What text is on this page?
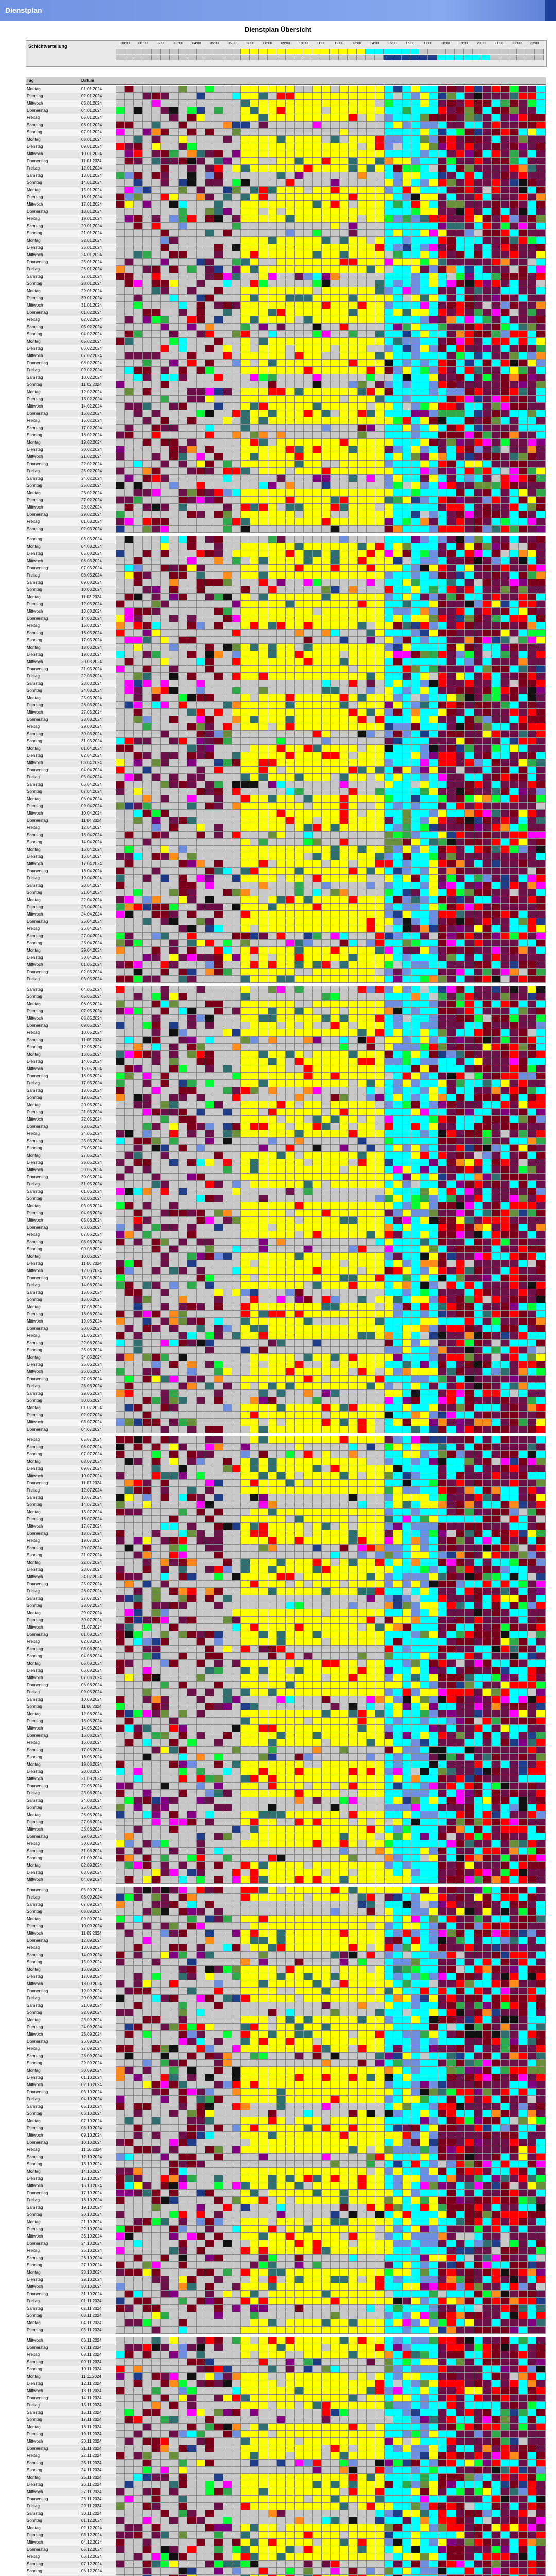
Dienstplan
Dienstplan Übersicht
Schichtverteilung
00:00	01:00	02:00	03:00	04:00	05:00	06:00	07:00	08:00	09:00	10:00	11:00	12:00	13:00	14:00	15:00	16:00	17:00	18:00	19:00	20:00	21:00	22:00	23:00
Tag	Datum
Montag	01.01.2024
Dienstag	02.01.2024
Mittwoch	03.01.2024
Donnerstag	04.01.2024
Freitag	05.01.2024
Samstag	06.01.2024
Sonntag	07.01.2024
Montag	08.01.2024
Dienstag	09.01.2024
Mittwoch	10.01.2024
Donnerstag	11.01.2024
Freitag	12.01.2024
Samstag	13.01.2024
Sonntag	14.01.2024
Montag	15.01.2024
Dienstag	16.01.2024
Mittwoch	17.01.2024
Donnerstag	18.01.2024
Freitag	19.01.2024
Samstag	20.01.2024
Sonntag	21.01.2024
Montag	22.01.2024
Dienstag	23.01.2024
Mittwoch	24.01.2024
Donnerstag	25.01.2024
Freitag	26.01.2024
Samstag	27.01.2024
Sonntag	28.01.2024
Montag	29.01.2024
Dienstag	30.01.2024
Mittwoch	31.01.2024
Donnerstag	01.02.2024
Freitag	02.02.2024
Samstag	03.02.2024
Sonntag	04.02.2024
Montag	05.02.2024
Dienstag	06.02.2024
Mittwoch	07.02.2024
Donnerstag	08.02.2024
Freitag	09.02.2024
Samstag	10.02.2024
Sonntag	11.02.2024
Montag	12.02.2024
Dienstag	13.02.2024
Mittwoch	14.02.2024
Donnerstag	15.02.2024
Freitag	16.02.2024
Samstag	17.02.2024
Sonntag	18.02.2024
Montag	19.02.2024
Dienstag	20.02.2024
Mittwoch	21.02.2024
Donnerstag	22.02.2024
Freitag	23.02.2024
Samstag	24.02.2024
Sonntag	25.02.2024
Montag	26.02.2024
Dienstag	27.02.2024
Mittwoch	28.02.2024
Donnerstag	29.02.2024
Freitag	01.03.2024
Samstag	02.03.2024
Sonntag	03.03.2024
Montag	04.03.2024
Dienstag	05.03.2024
Mittwoch	06.03.2024
Donnerstag	07.03.2024
Freitag	08.03.2024
Samstag	09.03.2024
Sonntag	10.03.2024
Montag	11.03.2024
Dienstag	12.03.2024
Mittwoch	13.03.2024
Donnerstag	14.03.2024
Freitag	15.03.2024
Samstag	16.03.2024
Sonntag	17.03.2024
Montag	18.03.2024
Dienstag	19.03.2024
Mittwoch	20.03.2024
Donnerstag	21.03.2024
Freitag	22.03.2024
Samstag	23.03.2024
Sonntag	24.03.2024
Montag	25.03.2024
Dienstag	26.03.2024
Mittwoch	27.03.2024
Donnerstag	28.03.2024
Freitag	29.03.2024
Samstag	30.03.2024
Sonntag	31.03.2024
Montag	01.04.2024
Dienstag	02.04.2024
Mittwoch	03.04.2024
Donnerstag	04.04.2024
Freitag	05.04.2024
Samstag	06.04.2024
Sonntag	07.04.2024
Montag	08.04.2024
Dienstag	09.04.2024
Mittwoch	10.04.2024
Donnerstag	11.04.2024
Freitag	12.04.2024
Samstag	13.04.2024
Sonntag	14.04.2024
Montag	15.04.2024
Dienstag	16.04.2024
Mittwoch	17.04.2024
Donnerstag	18.04.2024
Freitag	19.04.2024
Samstag	20.04.2024
Sonntag	21.04.2024
Montag	22.04.2024
Dienstag	23.04.2024
Mittwoch	24.04.2024
Donnerstag	25.04.2024
Freitag	26.04.2024
Samstag	27.04.2024
Sonntag	28.04.2024
Montag	29.04.2024
Dienstag	30.04.2024
Mittwoch	01.05.2024
Donnerstag	02.05.2024
Freitag	03.05.2024
Samstag	04.05.2024
Sonntag	05.05.2024
Montag	06.05.2024
Dienstag	07.05.2024
Mittwoch	08.05.2024
Donnerstag	09.05.2024
Freitag	10.05.2024
Samstag	11.05.2024
Sonntag	12.05.2024
Montag	13.05.2024
Dienstag	14.05.2024
Mittwoch	15.05.2024
Donnerstag	16.05.2024
Freitag	17.05.2024
Samstag	18.05.2024
Sonntag	19.05.2024
Montag	20.05.2024
Dienstag	21.05.2024
Mittwoch	22.05.2024
Donnerstag	23.05.2024
Freitag	24.05.2024
Samstag	25.05.2024
Sonntag	26.05.2024
Montag	27.05.2024
Dienstag	28.05.2024
Mittwoch	29.05.2024
Donnerstag	30.05.2024
Freitag	31.05.2024
Samstag	01.06.2024
Sonntag	02.06.2024
Montag	03.06.2024
Dienstag	04.06.2024
Mittwoch	05.06.2024
Donnerstag	06.06.2024
Freitag	07.06.2024
Samstag	08.06.2024
Sonntag	09.06.2024
Montag	10.06.2024
Dienstag	11.06.2024
Mittwoch	12.06.2024
Donnerstag	13.06.2024
Freitag	14.06.2024
Samstag	15.06.2024
Sonntag	16.06.2024
Montag	17.06.2024
Dienstag	18.06.2024
Mittwoch	19.06.2024
Donnerstag	20.06.2024
Freitag	21.06.2024
Samstag	22.06.2024
Sonntag	23.06.2024
Montag	24.06.2024
Dienstag	25.06.2024
Mittwoch	26.06.2024
Donnerstag	27.06.2024
Freitag	28.06.2024
Samstag	29.06.2024
Sonntag	30.06.2024
Montag	01.07.2024
Dienstag	02.07.2024
Mittwoch	03.07.2024
Donnerstag	04.07.2024
Freitag	05.07.2024
Samstag	06.07.2024
Sonntag	07.07.2024
Montag	08.07.2024
Dienstag	09.07.2024
Mittwoch	10.07.2024
Donnerstag	11.07.2024
Freitag	12.07.2024
Samstag	13.07.2024
Sonntag	14.07.2024
Montag	15.07.2024
Dienstag	16.07.2024
Mittwoch	17.07.2024
Donnerstag	18.07.2024
Freitag	19.07.2024
Samstag	20.07.2024
Sonntag	21.07.2024
Montag	22.07.2024
Dienstag	23.07.2024
Mittwoch	24.07.2024
Donnerstag	25.07.2024
Freitag	26.07.2024
Samstag	27.07.2024
Sonntag	28.07.2024
Montag	29.07.2024
Dienstag	30.07.2024
Mittwoch	31.07.2024
Donnerstag	01.08.2024
Freitag	02.08.2024
Samstag	03.08.2024
Sonntag	04.08.2024
Montag	05.08.2024
Dienstag	06.08.2024
Mittwoch	07.08.2024
Donnerstag	08.08.2024
Freitag	09.08.2024
Samstag	10.08.2024
Sonntag	11.08.2024
Montag	12.08.2024
Dienstag	13.08.2024
Mittwoch	14.08.2024
Donnerstag	15.08.2024
Freitag	16.08.2024
Samstag	17.08.2024
Sonntag	18.08.2024
Montag	19.08.2024
Dienstag	20.08.2024
Mittwoch	21.08.2024
Donnerstag	22.08.2024
Freitag	23.08.2024
Samstag	24.08.2024
Sonntag	25.08.2024
Montag	26.08.2024
Dienstag	27.08.2024
Mittwoch	28.08.2024
Donnerstag	29.08.2024
Freitag	30.08.2024
Samstag	31.08.2024
Sonntag	01.09.2024
Montag	02.09.2024
Dienstag	03.09.2024
Mittwoch	04.09.2024
Donnerstag	05.09.2024
Freitag	06.09.2024
Samstag	07.09.2024
Sonntag	08.09.2024
Montag	09.09.2024
Dienstag	10.09.2024
Mittwoch	11.09.2024
Donnerstag	12.09.2024
Freitag	13.09.2024
Samstag	14.09.2024
Sonntag	15.09.2024
Montag	16.09.2024
Dienstag	17.09.2024
Mittwoch	18.09.2024
Donnerstag	19.09.2024
Freitag	20.09.2024
Samstag	21.09.2024
Sonntag	22.09.2024
Montag	23.09.2024
Dienstag	24.09.2024
Mittwoch	25.09.2024
Donnerstag	26.09.2024
Freitag	27.09.2024
Samstag	28.09.2024
Sonntag	29.09.2024
Montag	30.09.2024
Dienstag	01.10.2024
Mittwoch	02.10.2024
Donnerstag	03.10.2024
Freitag	04.10.2024
Samstag	05.10.2024
Sonntag	06.10.2024
Montag	07.10.2024
Dienstag	08.10.2024
Mittwoch	09.10.2024
Donnerstag	10.10.2024
Freitag	11.10.2024
Samstag	12.10.2024
Sonntag	13.10.2024
Montag	14.10.2024
Dienstag	15.10.2024
Mittwoch	16.10.2024
Donnerstag	17.10.2024
Freitag	18.10.2024
Samstag	19.10.2024
Sonntag	20.10.2024
Montag	21.10.2024
Dienstag	22.10.2024
Mittwoch	23.10.2024
Donnerstag	24.10.2024
Freitag	25.10.2024
Samstag	26.10.2024
Sonntag	27.10.2024
Montag	28.10.2024
Dienstag	29.10.2024
Mittwoch	30.10.2024
Donnerstag	31.10.2024
Freitag	01.11.2024
Samstag	02.11.2024
Sonntag	03.11.2024
Montag	04.11.2024
Dienstag	05.11.2024
Mittwoch	06.11.2024
Donnerstag	07.11.2024
Freitag	08.11.2024
Samstag	09.11.2024
Sonntag	10.11.2024
Montag	11.11.2024
Dienstag	12.11.2024
Mittwoch	13.11.2024
Donnerstag	14.11.2024
Freitag	15.11.2024
Samstag	16.11.2024
Sonntag	17.11.2024
Montag	18.11.2024
Dienstag	19.11.2024
Mittwoch	20.11.2024
Donnerstag	21.11.2024
Freitag	22.11.2024
Samstag	23.11.2024
Sonntag	24.11.2024
Montag	25.11.2024
Dienstag	26.11.2024
Mittwoch	27.11.2024
Donnerstag	28.11.2024
Freitag	29.11.2024
Samstag	30.11.2024
Sonntag	01.12.2024
Montag	02.12.2024
Dienstag	03.12.2024
Mittwoch	04.12.2024
Donnerstag	05.12.2024
Freitag	06.12.2024
Samstag	07.12.2024
Sonntag	08.12.2024
